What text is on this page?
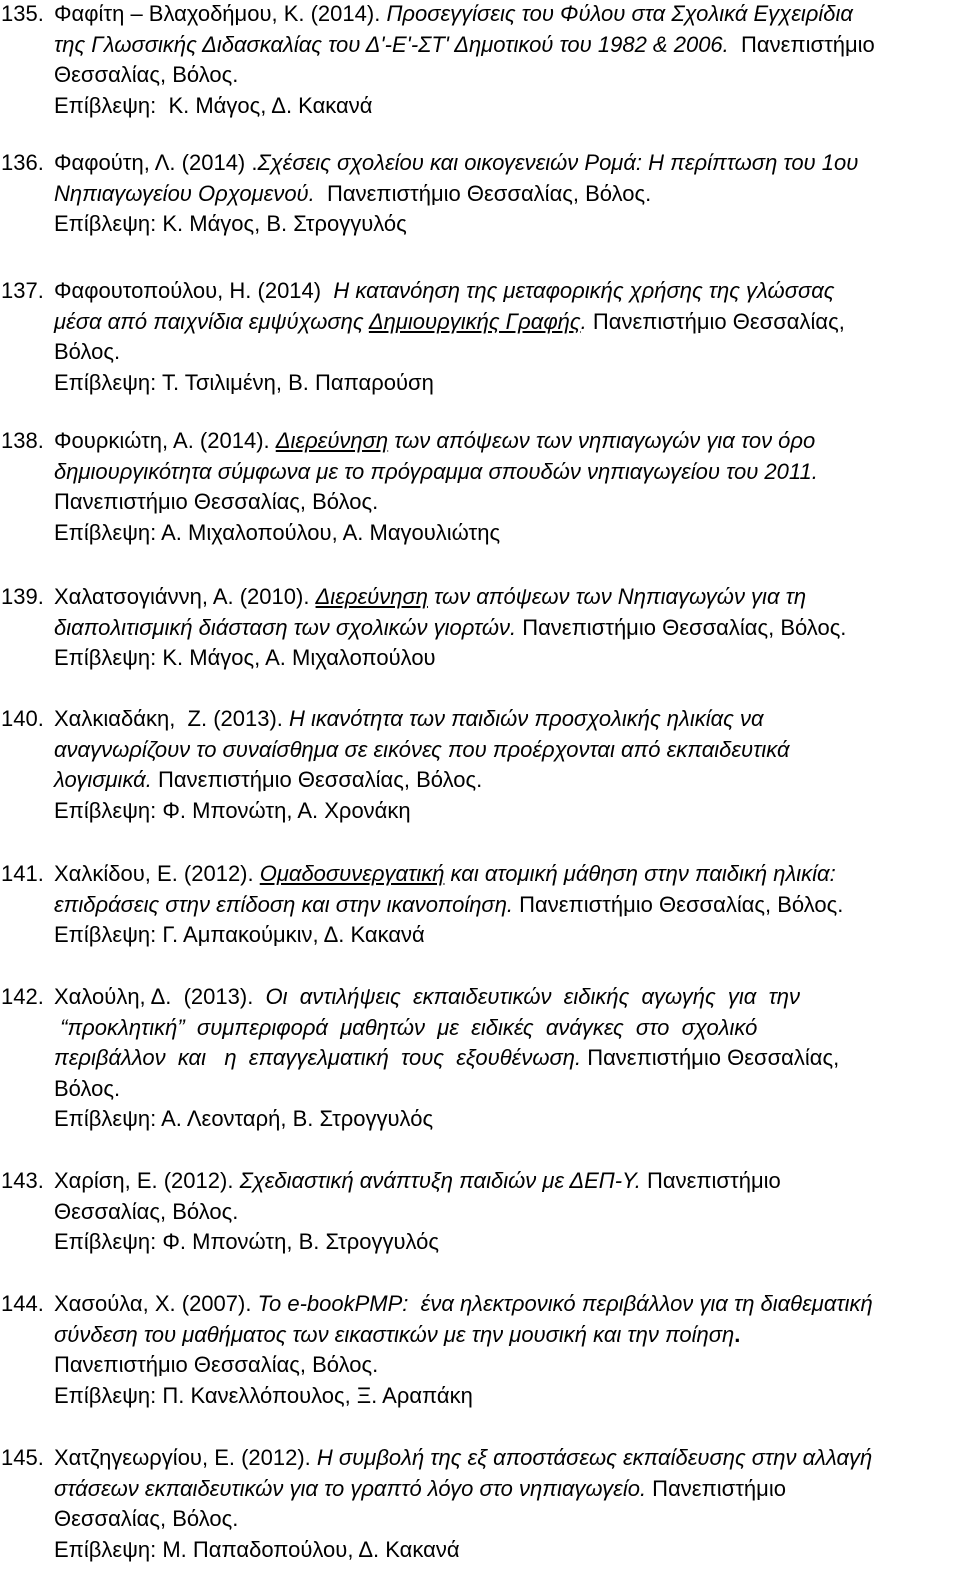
135. Φαφίτη – Βλαχοδήμου, Κ. (2014). Προσεγγίσεις του Φύλου στα Σχολικά Εγχειρίδια
της Γλωσσικής Διδασκαλίας του Δ'-Ε'-ΣΤ' Δημοτικού του 1982 & 2006.  Πανεπιστήμιο
Θεσσαλίας, Βόλος.
Επίβλεψη:  Κ. Μάγος, Δ. Κακανά
136. Φαφούτη, Λ. (2014) .Σχέσεις σχολείου και οικογενειών Ρομά: Η περίπτωση του 1ου
Νηπιαγωγείου Ορχομενού.  Πανεπιστήμιο Θεσσαλίας, Βόλος.
Επίβλεψη: Κ. Μάγος, Β. Στρογγυλός
137. Φαφουτοπούλου, Η. (2014)  Η κατανόηση της μεταφορικής χρήσης της γλώσσας
μέσα από παιχνίδια εμψύχωσης Δημιουργικής Γραφής. Πανεπιστήμιο Θεσσαλίας,
Βόλος.
Επίβλεψη: Τ. Τσιλιμένη, Β. Παπαρούση
138. Φουρκιώτη, Α. (2014). Διερεύνηση των απόψεων των νηπιαγωγών για τον όρο
δημιουργικότητα σύμφωνα με το πρόγραμμα σπουδών νηπιαγωγείου του 2011.
Πανεπιστήμιο Θεσσαλίας, Βόλος.
Επίβλεψη: Α. Μιχαλοπούλου, Α. Μαγουλιώτης
139. Χαλατσογιάννη, Α. (2010). Διερεύνηση των απόψεων των Νηπιαγωγών για τη
διαπολιτισμική διάσταση των σχολικών γιορτών. Πανεπιστήμιο Θεσσαλίας, Βόλος.
Επίβλεψη: Κ. Μάγος, Α. Μιχαλοπούλου
140. Χαλκιαδάκη,  Ζ. (2013). Η ικανότητα των παιδιών προσχολικής ηλικίας να
αναγνωρίζουν το συναίσθημα σε εικόνες που προέρχονται από εκπαιδευτικά
λογισμικά. Πανεπιστήμιο Θεσσαλίας, Βόλος.
Επίβλεψη: Φ. Μπονώτη, Α. Χρονάκη
141. Χαλκίδου, Ε. (2012). Ομαδοσυνεργατική και ατομική μάθηση στην παιδική ηλικία:
επιδράσεις στην επίδοση και στην ικανοποίηση. Πανεπιστήμιο Θεσσαλίας, Βόλος.
Επίβλεψη: Γ. Αμπακούμκιν, Δ. Κακανά
142. Χαλούλη, Δ.  (2013).  Οι  αντιλήψεις  εκπαιδευτικών  ειδικής  αγωγής  για  την
“προκλητική”  συμπεριφορά  μαθητών  με  ειδικές  ανάγκες  στο  σχολικό
περιβάλλον  και   η  επαγγελματική  τους  εξουθένωση. Πανεπιστήμιο Θεσσαλίας,
Βόλος.
Επίβλεψη: Α. Λεονταρή, Β. Στρογγυλός
143. Χαρίση, Ε. (2012). Σχεδιαστική ανάπτυξη παιδιών με ΔΕΠ-Υ. Πανεπιστήμιο
Θεσσαλίας, Βόλος.
Επίβλεψη: Φ. Μπονώτη, Β. Στρογγυλός
144. Χασούλα, Χ. (2007). Το e-bookPMP:  ένα ηλεκτρονικό περιβάλλον για τη διαθεματική
σύνδεση του μαθήματος των εικαστικών με την μουσική και την ποίηση.
Πανεπιστήμιο Θεσσαλίας, Βόλος.
Επίβλεψη: Π. Κανελλόπουλος, Ξ. Αραπάκη
145. Χατζηγεωργίου, Ε. (2012). Η συμβολή της εξ αποστάσεως εκπαίδευσης στην αλλαγή
στάσεων εκπαιδευτικών για το γραπτό λόγο στο νηπιαγωγείο. Πανεπιστήμιο
Θεσσαλίας, Βόλος.
Επίβλεψη: Μ. Παπαδοπούλου, Δ. Κακανά
